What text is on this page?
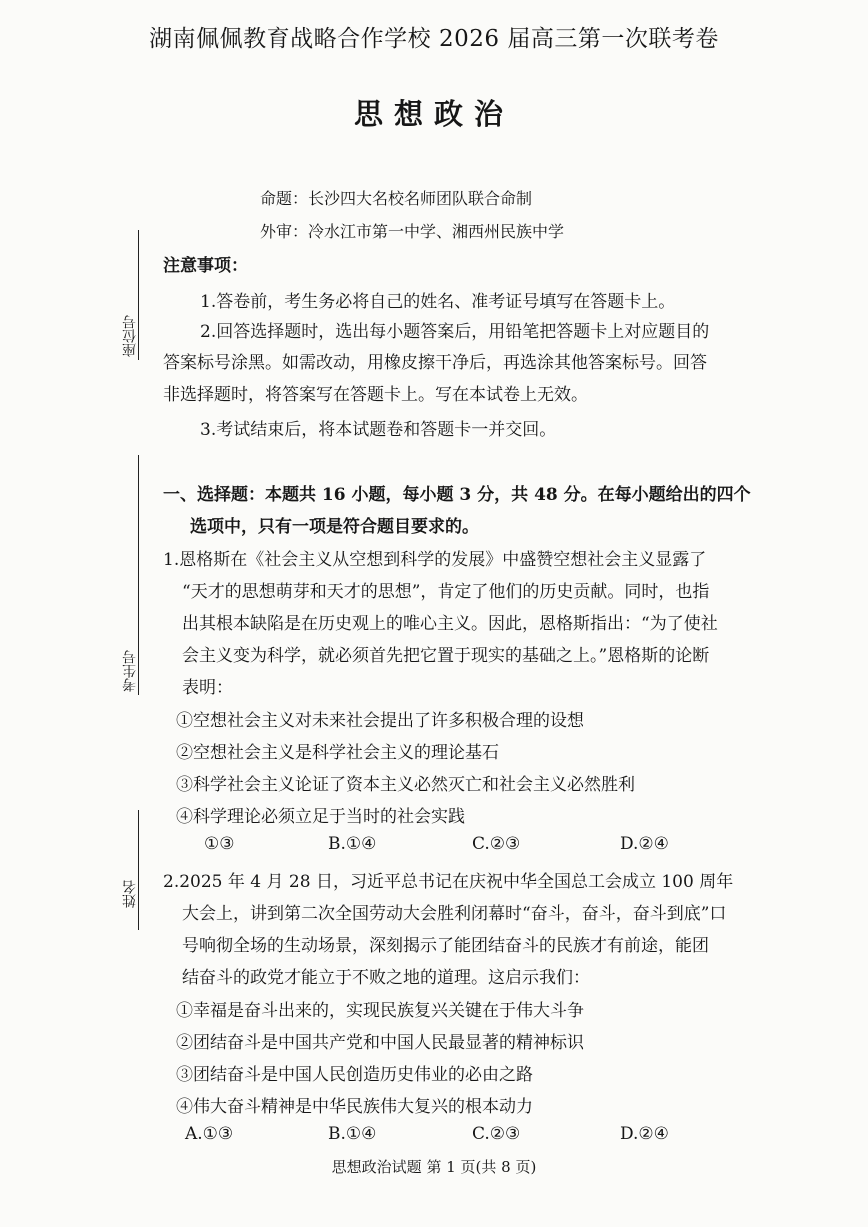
湖南佩佩教育战略合作学校 2026 届高三第一次联考卷
思想政治
命题：长沙四大名校名师团队联合命制
外审：冷水江市第一中学、湘西州民族中学
座位号
考生号
姓名
注意事项：
1.答卷前，考生务必将自己的姓名、准考证号填写在答题卡上。
2.回答选择题时，选出每小题答案后，用铅笔把答题卡上对应题目的
答案标号涂黑。如需改动，用橡皮擦干净后，再选涂其他答案标号。回答
非选择题时，将答案写在答题卡上。写在本试卷上无效。
3.考试结束后，将本试题卷和答题卡一并交回。
一、选择题：本题共 16 小题，每小题 3 分，共 48 分。在每小题给出的四个
选项中，只有一项是符合题目要求的。
1.恩格斯在《社会主义从空想到科学的发展》中盛赞空想社会主义显露了
“天才的思想萌芽和天才的思想”，肯定了他们的历史贡献。同时，也指
出其根本缺陷是在历史观上的唯心主义。因此，恩格斯指出：“为了使社
会主义变为科学，就必须首先把它置于现实的基础之上。”恩格斯的论断
表明：
①空想社会主义对未来社会提出了许多积极合理的设想
②空想社会主义是科学社会主义的理论基石
③科学社会主义论证了资本主义必然灭亡和社会主义必然胜利
④科学理论必须立足于当时的社会实践
①③	B.①④	C.②③	D.②④
2.2025 年 4 月 28 日，习近平总书记在庆祝中华全国总工会成立 100 周年
大会上，讲到第二次全国劳动大会胜利闭幕时“奋斗，奋斗，奋斗到底”口
号响彻全场的生动场景，深刻揭示了能团结奋斗的民族才有前途，能团
结奋斗的政党才能立于不败之地的道理。这启示我们：
①幸福是奋斗出来的，实现民族复兴关键在于伟大斗争
②团结奋斗是中国共产党和中国人民最显著的精神标识
③团结奋斗是中国人民创造历史伟业的必由之路
④伟大奋斗精神是中华民族伟大复兴的根本动力
A.①③	B.①④	C.②③	D.②④
思想政治试题 第 1 页(共 8 页)
